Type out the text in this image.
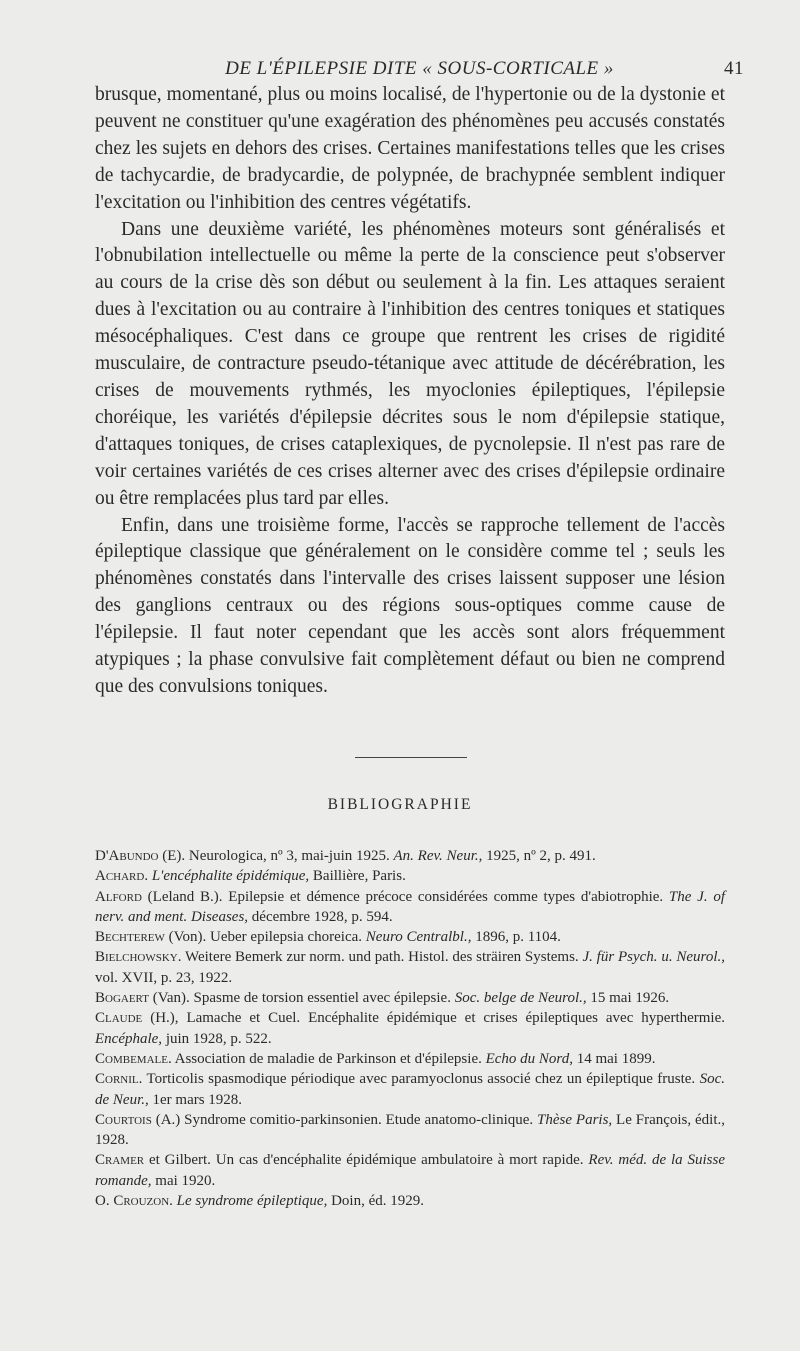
DE L'ÉPILEPSIE DITE « SOUS-CORTICALE »	41

brusque, momentané, plus ou moins localisé, de l'hypertonie ou de la dystonie et peuvent ne constituer qu'une exagération des phénomènes peu accusés constatés chez les sujets en dehors des crises. Certaines manifestations telles que les crises de tachycardie, de bradycardie, de polypnée, de brachypnée semblent indiquer l'excitation ou l'inhibition des centres végétatifs.

Dans une deuxième variété, les phénomènes moteurs sont généralisés et l'obnubilation intellectuelle ou même la perte de la conscience peut s'observer au cours de la crise dès son début ou seulement à la fin. Les attaques seraient dues à l'excitation ou au contraire à l'inhibition des centres toniques et statiques mésocéphaliques. C'est dans ce groupe que rentrent les crises de rigidité musculaire, de contracture pseudo-tétanique avec attitude de décérébration, les crises de mouvements rythmés, les myoclonies épileptiques, l'épilepsie choréique, les variétés d'épilepsie décrites sous le nom d'épilepsie statique, d'attaques toniques, de crises cataplexiques, de pycnolepsie. Il n'est pas rare de voir certaines variétés de ces crises alterner avec des crises d'épilepsie ordinaire ou être remplacées plus tard par elles.

Enfin, dans une troisième forme, l'accès se rapproche tellement de l'accès épileptique classique que généralement on le considère comme tel ; seuls les phénomènes constatés dans l'intervalle des crises laissent supposer une lésion des ganglions centraux ou des régions sous-optiques comme cause de l'épilepsie. Il faut noter cependant que les accès sont alors fréquemment atypiques ; la phase convulsive fait complètement défaut ou bien ne comprend que des convulsions toniques.

BIBLIOGRAPHIE

D'Abundo (E). Neurologica, nº 3, mai-juin 1925. An. Rev. Neur., 1925, nº 2, p. 491.

Achard. L'encéphalite épidémique, Baillière, Paris.

Alford (Leland B.). Epilepsie et démence précoce considérées comme types d'abiotrophie. The J. of nerv. and ment. Diseases, décembre 1928, p. 594.

Bechterew (Von). Ueber epilepsia choreica. Neuro Centralbl., 1896, p. 1104.

Bielchowsky. Weitere Bemerk zur norm. und path. Histol. des sträiren Systems. J. für Psych. u. Neurol., vol. XVII, p. 23, 1922.

Bogaert (Van). Spasme de torsion essentiel avec épilepsie. Soc. belge de Neurol., 15 mai 1926.

Claude (H.), Lamache et Cuel. Encéphalite épidémique et crises épileptiques avec hyperthermie. Encéphale, juin 1928, p. 522.

Combemale. Association de maladie de Parkinson et d'épilepsie. Echo du Nord, 14 mai 1899.

Cornil. Torticolis spasmodique périodique avec paramyoclonus associé chez un épileptique fruste. Soc. de Neur., 1er mars 1928.

Courtois (A.) Syndrome comitio-parkinsonien. Etude anatomo-clinique. Thèse Paris, Le François, édit., 1928.

Cramer et Gilbert. Un cas d'encéphalite épidémique ambulatoire à mort rapide. Rev. méd. de la Suisse romande, mai 1920.

O. Crouzon. Le syndrome épileptique, Doin, éd. 1929.
